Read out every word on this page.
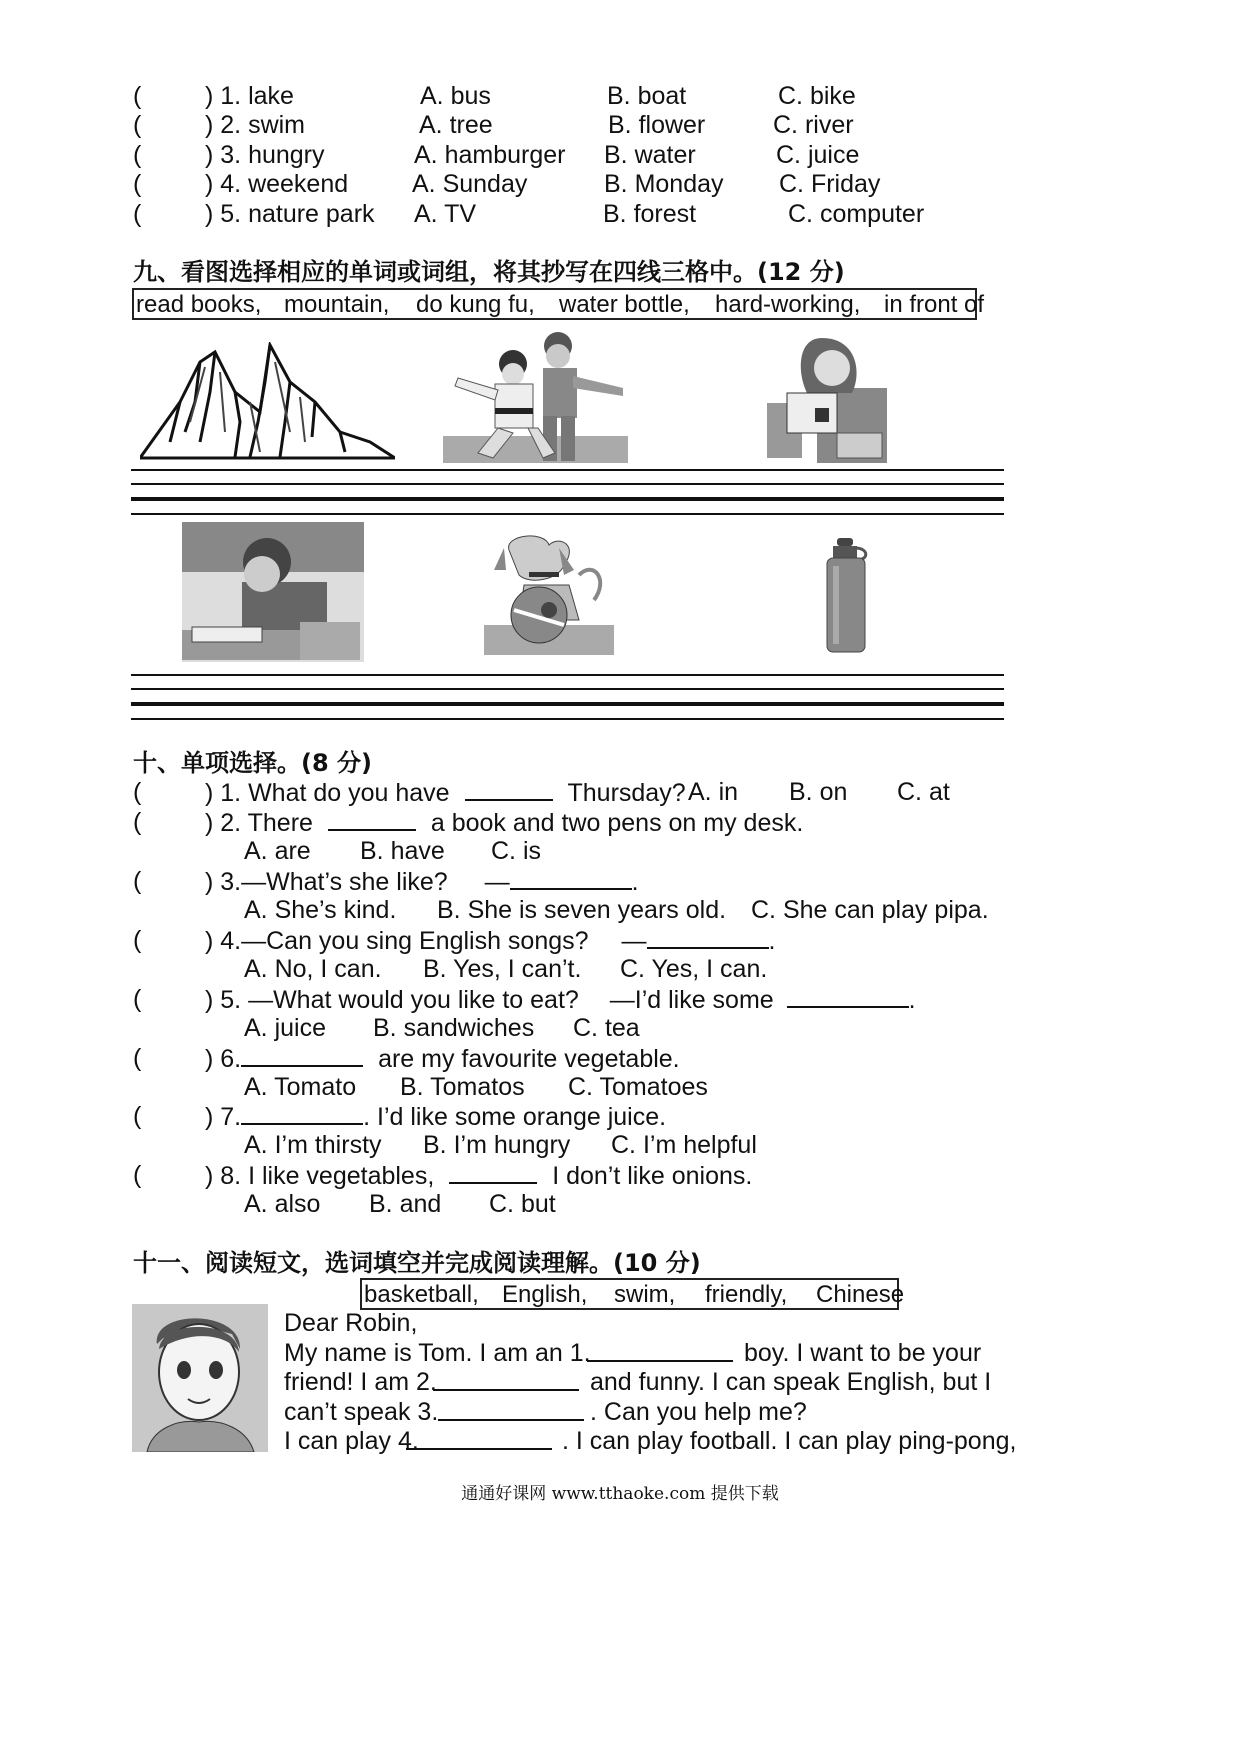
(	) 1. lake	A. bus	B. boat	C. bike
(	) 2. swim	A. tree	B. flower	C. river
(	) 3. hungry	A. hamburger B. water	C. juice
(	) 4. weekend	A. Sunday	B. Monday C. Friday
(	) 5. nature park A. TV	B. forest	C. computer
九、看图选择相应的单词或词组，将其抄写在四线三格中。(12 分)
read books, mountain, do kung fu, water bottle, hard-working, in front of
十、单项选择。(8 分)
(	) 1. What do you have	Thursday? A. in B. on C. at
(	) 2. There	a book and two pens on my desk.
A. are B. have C. is
(	) 3.—What’s she like? —	.
A. She’s kind. B. She is seven years old. C. She can play pipa.
(	) 4.—Can you sing English songs? —	.
A. No, I can. B. Yes, I can’t. C. Yes, I can.
(	) 5. —What would you like to eat? —I’d like some	.
A. juice B. sandwiches C. tea
(	) 6.	are my favourite vegetable.
A. Tomato B. Tomatos C. Tomatoes
(	) 7.	. I’d like some orange juice.
A. I’m thirsty B. I’m hungry C. I’m helpful
(	) 8. I like vegetables,	I don’t like onions.
A. also B. and C. but
十一、阅读短文，选词填空并完成阅读理解。(10 分)
basketball, English, swim, friendly, Chinese
Dear Robin,
My name is Tom. I am an 1.	boy. I want to be your
friend! I am 2.	and funny. I can speak English, but I
can’t speak 3.	. Can you help me?
I can play 4.	. I can play football. I can play ping-pong,
通通好课网 www.tthaoke.com 提供下载
